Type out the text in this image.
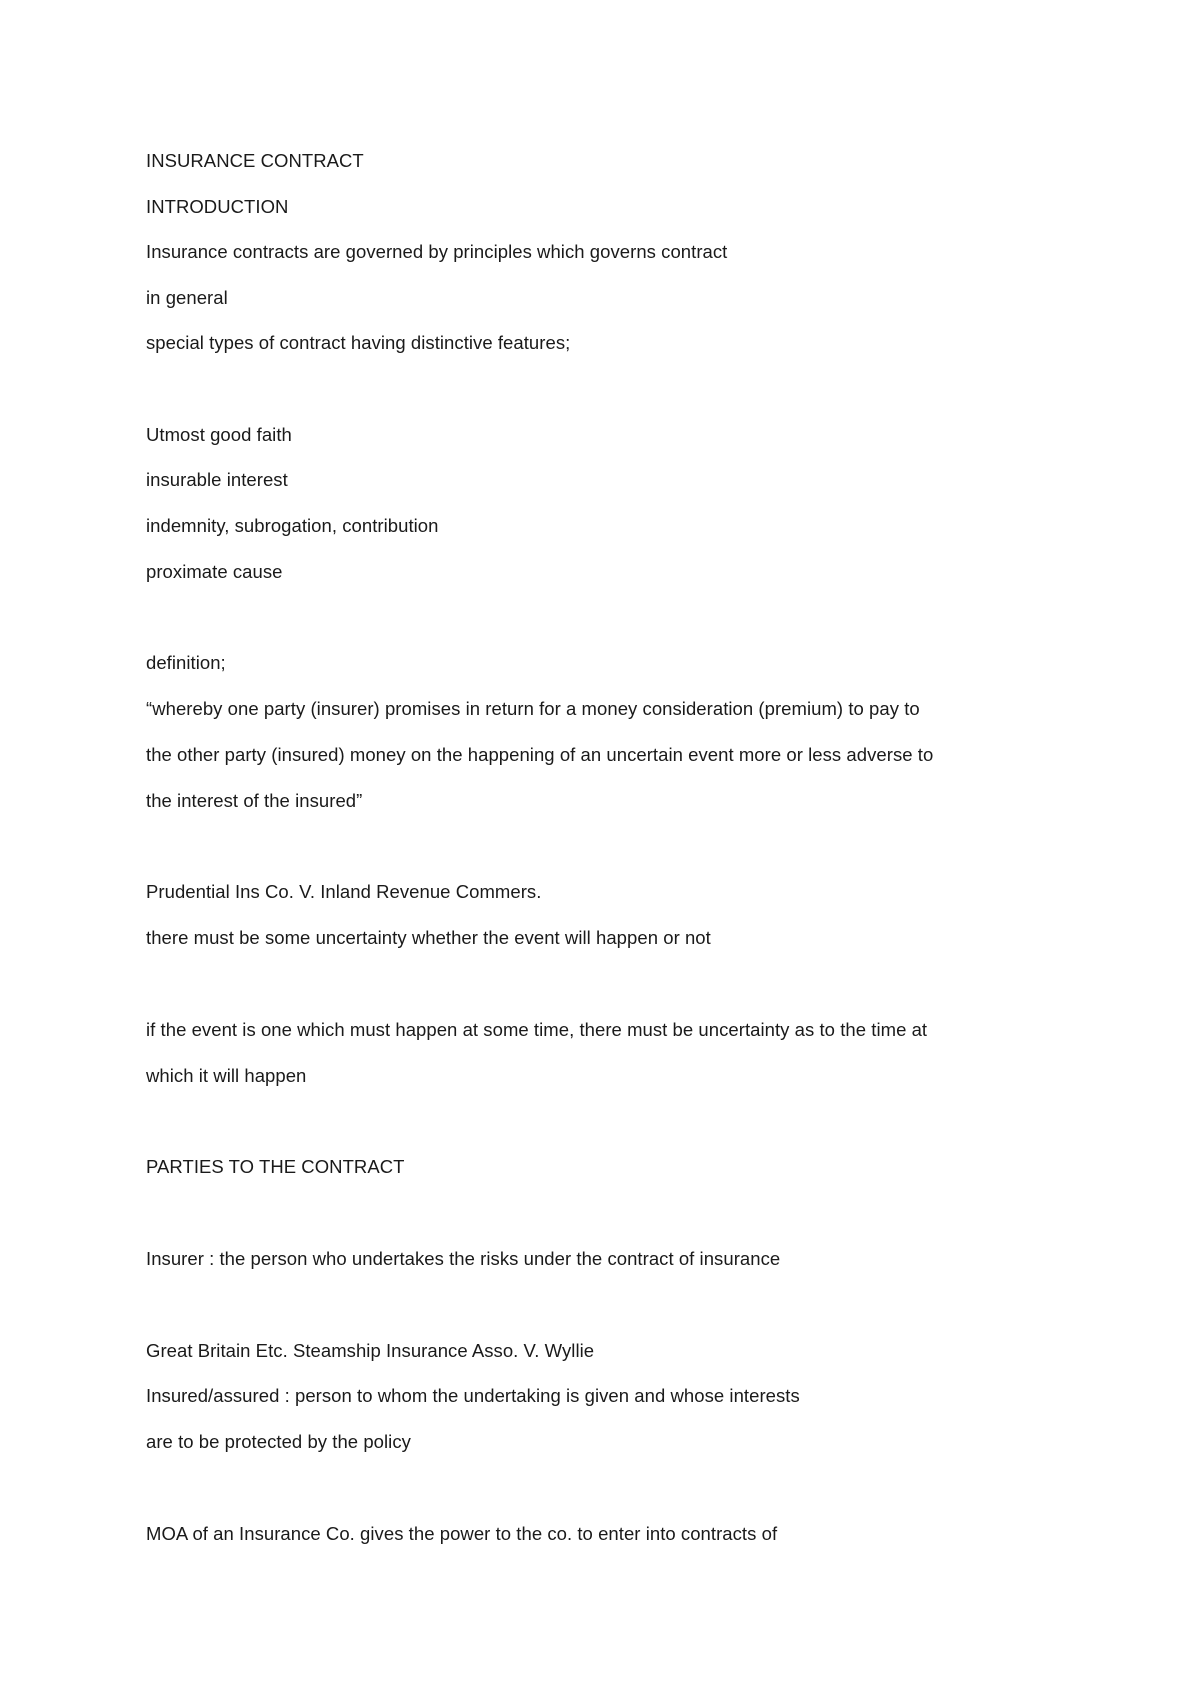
INSURANCE CONTRACT
INTRODUCTION
Insurance contracts are governed by principles which governs contract
in general
special types of contract having distinctive features;
Utmost good faith
insurable interest
indemnity, subrogation, contribution
proximate cause
definition;
“whereby one party (insurer) promises in return for a money consideration (premium) to pay to
the other party (insured) money on the happening of an uncertain event more or less adverse to
the interest of the insured”
Prudential Ins Co. V. Inland Revenue Commers.
there must be some uncertainty whether the event will happen or not
if the event is one which must happen at some time, there must be uncertainty as to the time at
which it will happen
PARTIES TO THE CONTRACT
Insurer : the person who undertakes the risks under the contract of insurance
Great Britain Etc. Steamship Insurance Asso. V. Wyllie
Insured/assured : person to whom the undertaking is given and whose interests
are to be protected by the policy
MOA of an Insurance Co. gives the power to the co. to enter into contracts of
